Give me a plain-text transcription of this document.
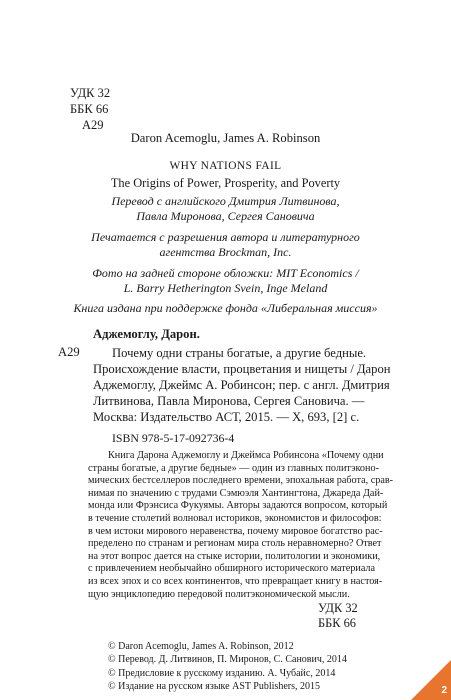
УДК 32
ББК 66
А29
Daron Acemoglu, James A. Robinson
WHY NATIONS FAIL
The Origins of Power, Prosperity, and Poverty
Перевод с английского Дмитрия Литвинова,
Павла Миронова, Сергея Сановича
Печатается с разрешения автора и литературного
агентства Brockman, Inc.
Фото на задней стороне обложки: MIT Economics /
L. Barry Hetherington Svein, Inge Meland
Книга издана при поддержке фонда «Либеральная миссия»
Аджемоглу, Дарон.
А29	Почему одни страны богатые, а другие бедные.
Происхождение власти, процветания и нищеты / Дарон
Аджемоглу, Джеймс А. Робинсон; пер. с англ. Дмитрия
Литвинова, Павла Миронова, Сергея Сановича. —
Москва: Издательство АСТ, 2015. — X, 693, [2] с.
ISBN 978-5-17-092736-4
Книга Дарона Аджемоглу и Джеймса Робинсона «Почему одни
страны богатые, а другие бедные» — один из главных политэконо-
мических бестселлеров последнего времени, эпохальная работа, срав-
нимая по значению с трудами Сэмюэля Хантингтона, Джареда Дай-
монда или Фрэнсиса Фукуямы. Авторы задаются вопросом, который
в течение столетий волновал историков, экономистов и философов:
в чем истоки мирового неравенства, почему мировое богатство рас-
пределено по странам и регионам мира столь неравномерно? Ответ
на этот вопрос дается на стыке истории, политологии и экономики,
с привлечением необычайно обширного исторического материала
из всех эпох и со всех континентов, что превращает книгу в настоя-
щую энциклопедию передовой политэкономической мысли.
УДК 32
ББК 66
© Daron Acemoglu, James A. Robinson, 2012
© Перевод. Д. Литвинов, П. Миронов, С. Санович, 2014
© Предисловие к русскому изданию. А. Чубайс, 2014
© Издание на русском языке AST Publishers, 2015	2
